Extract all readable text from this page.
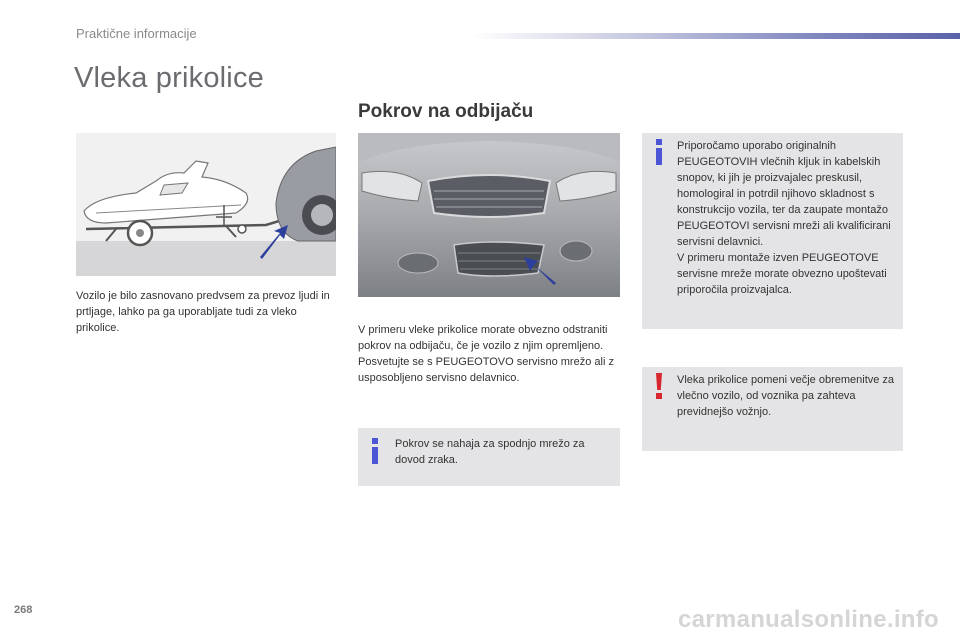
Praktične informacije
Vleka prikolice
Pokrov na odbijaču

Vozilo je bilo zasnovano predvsem za prevoz ljudi in prtljage, lahko pa ga uporabljate tudi za vleko prikolice.	V primeru vleke prikolice morate obvezno odstraniti pokrov na odbijaču, če je vozilo z njim opremljeno.
Posvetujte se s PEUGEOTOVO servisno mrežo ali z usposobljeno servisno delavnico.

Pokrov se nahaja za spodnjo mrežo za dovod zraka.

Priporočamo uporabo originalnih PEUGEOTOVIH vlečnih kljuk in kabelskih snopov, ki jih je proizvajalec preskusil, homologiral in potrdil njihovo skladnost s konstrukcijo vozila, ter da zaupate montažo PEUGEOTOVI servisni mreži ali kvalificirani servisni delavnici.
V primeru montaže izven PEUGEOTOVE servisne mreže morate obvezno upoštevati priporočila proizvajalca.

Vleka prikolice pomeni večje obremenitve za vlečno vozilo, od voznika pa zahteva previdnejšo vožnjo.

268	carmanualsonline.info
